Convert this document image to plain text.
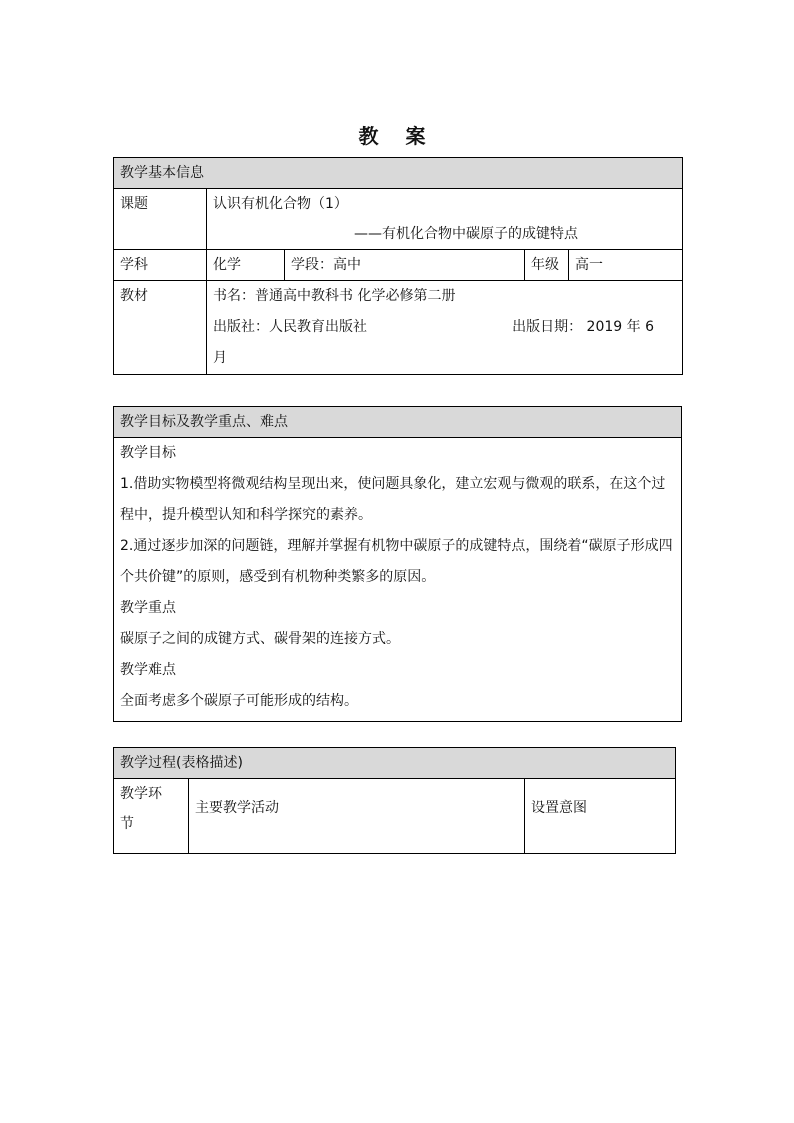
教 案
教学基本信息				
课题	认识有机化合物（1）
——有机化合物中碳原子的成键特点			

学科	化学	学段：高中	年级	高一
教材	书名：普通高中教科书 化学必修第二册
出版社：人民教育出版社 出版日期： 2019 年 6
月			
教学目标及教学重点、难点

教学目标

1.借助实物模型将微观结构呈现出来，使问题具象化，建立宏观与微观的联系，在这个过程中，提升模型认知和科学探究的素养。

2.通过逐步加深的问题链，理解并掌握有机物中碳原子的成键特点，围绕着“碳原子形成四个共价键”的原则，感受到有机物种类繁多的原因。

教学重点

碳原子之间的成键方式、碳骨架的连接方式。

教学难点

全面考虑多个碳原子可能形成的结构。

教学过程(表格描述)
教学环节	主要教学活动	设置意图
